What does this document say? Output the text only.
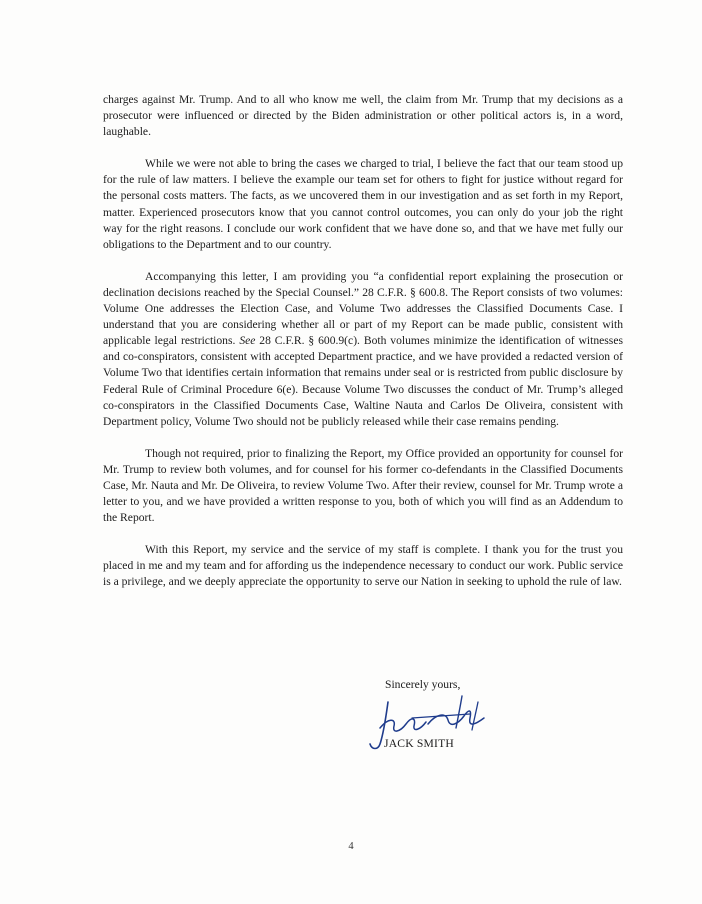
charges against Mr. Trump. And to all who know me well, the claim from Mr. Trump that my decisions as a prosecutor were influenced or directed by the Biden administration or other political actors is, in a word, laughable.

While we were not able to bring the cases we charged to trial, I believe the fact that our team stood up for the rule of law matters. I believe the example our team set for others to fight for justice without regard for the personal costs matters. The facts, as we uncovered them in our investigation and as set forth in my Report, matter. Experienced prosecutors know that you cannot control outcomes, you can only do your job the right way for the right reasons. I conclude our work confident that we have done so, and that we have met fully our obligations to the Department and to our country.

Accompanying this letter, I am providing you “a confidential report explaining the prosecution or declination decisions reached by the Special Counsel.” 28 C.F.R. § 600.8. The Report consists of two volumes: Volume One addresses the Election Case, and Volume Two addresses the Classified Documents Case. I understand that you are considering whether all or part of my Report can be made public, consistent with applicable legal restrictions. See 28 C.F.R. § 600.9(c). Both volumes minimize the identification of witnesses and co-conspirators, consistent with accepted Department practice, and we have provided a redacted version of Volume Two that identifies certain information that remains under seal or is restricted from public disclosure by Federal Rule of Criminal Procedure 6(e). Because Volume Two discusses the conduct of Mr. Trump’s alleged co-conspirators in the Classified Documents Case, Waltine Nauta and Carlos De Oliveira, consistent with Department policy, Volume Two should not be publicly released while their case remains pending.

Though not required, prior to finalizing the Report, my Office provided an opportunity for counsel for Mr. Trump to review both volumes, and for counsel for his former co-defendants in the Classified Documents Case, Mr. Nauta and Mr. De Oliveira, to review Volume Two. After their review, counsel for Mr. Trump wrote a letter to you, and we have provided a written response to you, both of which you will find as an Addendum to the Report.

With this Report, my service and the service of my staff is complete. I thank you for the trust you placed in me and my team and for affording us the independence necessary to conduct our work. Public service is a privilege, and we deeply appreciate the opportunity to serve our Nation in seeking to uphold the rule of law.

Sincerely yours,
JACK SMITH
4
